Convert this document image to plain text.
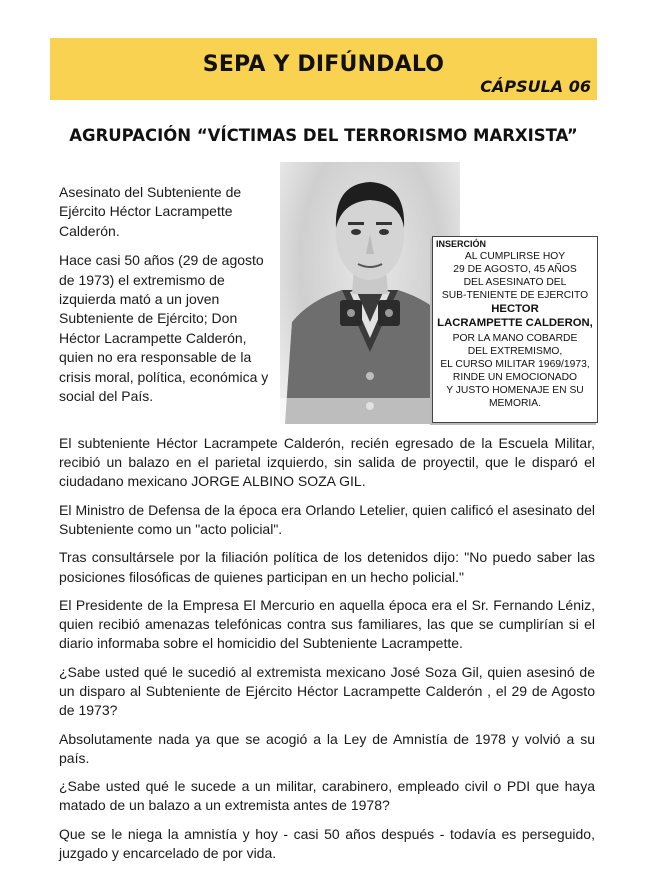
SEPA Y DIFÚNDALO
CÁPSULA 06
AGRUPACIÓN “VÍCTIMAS DEL TERRORISMO MARXISTA”

Asesinato del Subteniente de Ejército Héctor Lacrampette Calderón.

Hace casi 50 años (29 de agosto de 1973) el extremismo de izquierda mató a un joven Subteniente de Ejército; Don Héctor Lacrampette Calderón, quien no era responsable de la crisis moral, política, económica y social del País.

INSERCIÓN
AL CUMPLIRSE HOY
29 DE AGOSTO, 45 AÑOS
DEL ASESINATO DEL
SUB-TENIENTE DE EJERCITO
HECTOR
LACRAMPETTE CALDERON,
POR LA MANO COBARDE
DEL EXTREMISMO,
EL CURSO MILITAR 1969/1973,
RINDE UN EMOCIONADO
Y JUSTO HOMENAJE EN SU
MEMORIA.

El subteniente Héctor Lacrampete Calderón, recién egresado de la Escuela Militar, recibió un balazo en el parietal izquierdo, sin salida de proyectil, que le disparó el ciudadano mexicano JORGE ALBINO SOZA GIL.

El Ministro de Defensa de la época era Orlando Letelier, quien calificó el asesinato del Subteniente como un "acto policial".

Tras consultársele por la filiación política de los detenidos dijo: "No puedo saber las posiciones filosóficas de quienes participan en un hecho policial."

El Presidente de la Empresa El Mercurio en aquella época era el Sr. Fernando Léniz, quien recibió amenazas telefónicas contra sus familiares, las que se cumplirían si el diario informaba sobre el homicidio del Subteniente Lacrampette.

¿Sabe usted qué le sucedió al extremista mexicano José Soza Gil, quien asesinó de un disparo al Subteniente de Ejército Héctor Lacrampette Calderón , el 29 de Agosto de 1973?

Absolutamente nada ya que se acogió a la Ley de Amnistía de 1978 y volvió a su país.

¿Sabe usted qué le sucede a un militar, carabinero, empleado civil o PDI que haya matado de un balazo a un extremista antes de 1978?

Que se le niega la amnistía y hoy - casi 50 años después - todavía es perseguido, juzgado y encarcelado de por vida.
